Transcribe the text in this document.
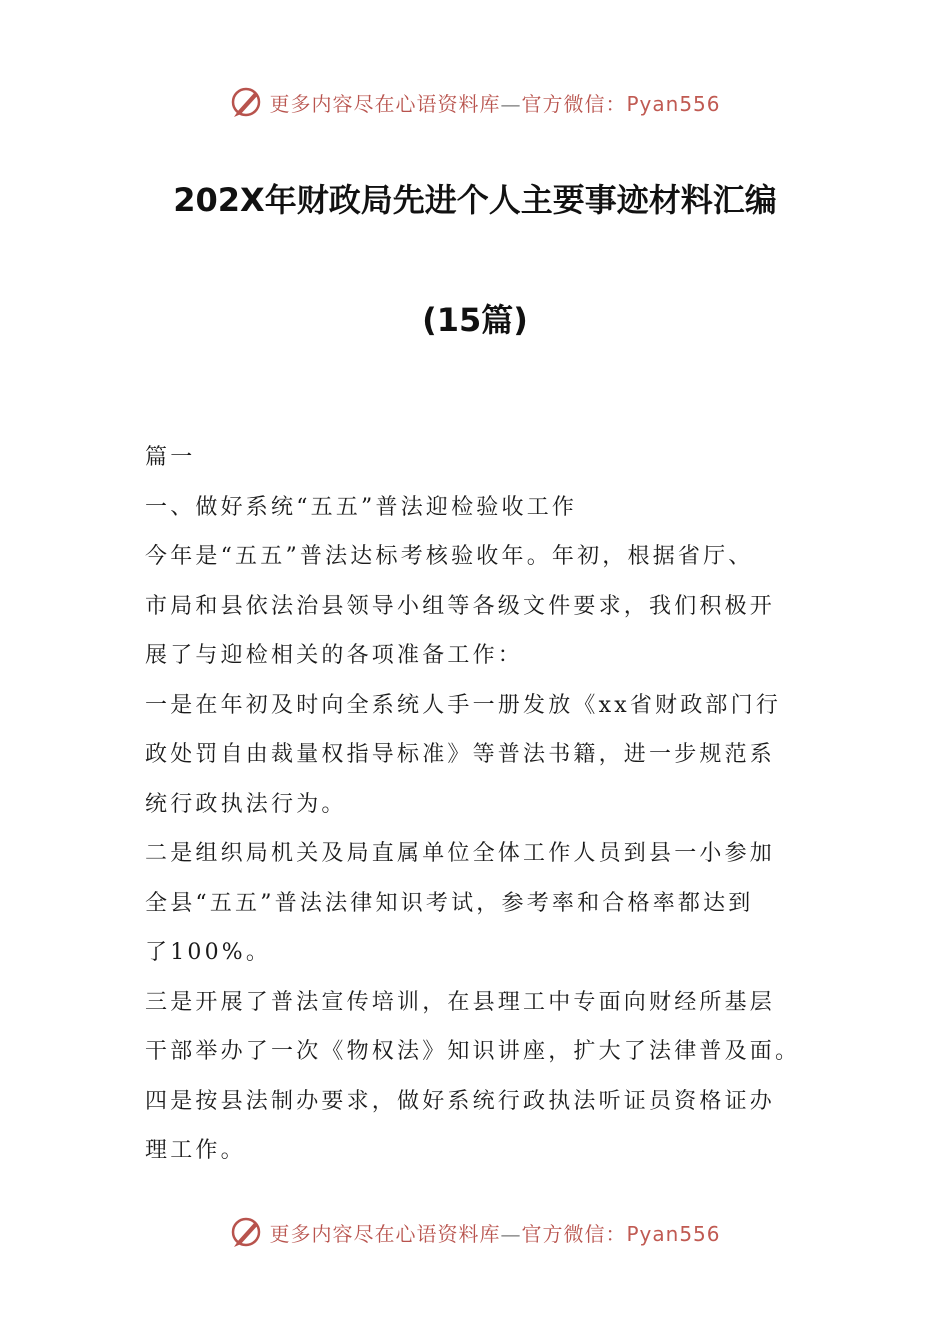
更多内容尽在心语资料库—官方微信：Pyan556
202X年财政局先进个人主要事迹材料汇编
(15篇)

篇一

一、做好系统“五五”普法迎检验收工作

今年是“五五”普法达标考核验收年。年初，根据省厅、

市局和县依法治县领导小组等各级文件要求，我们积极开

展了与迎检相关的各项准备工作：

一是在年初及时向全系统人手一册发放《xx省财政部门行

政处罚自由裁量权指导标准》等普法书籍，进一步规范系

统行政执法行为。

二是组织局机关及局直属单位全体工作人员到县一小参加

全县“五五”普法法律知识考试，参考率和合格率都达到

了100%。

三是开展了普法宣传培训，在县理工中专面向财经所基层

干部举办了一次《物权法》知识讲座，扩大了法律普及面。

四是按县法制办要求，做好系统行政执法听证员资格证办

理工作。

更多内容尽在心语资料库—官方微信：Pyan556
